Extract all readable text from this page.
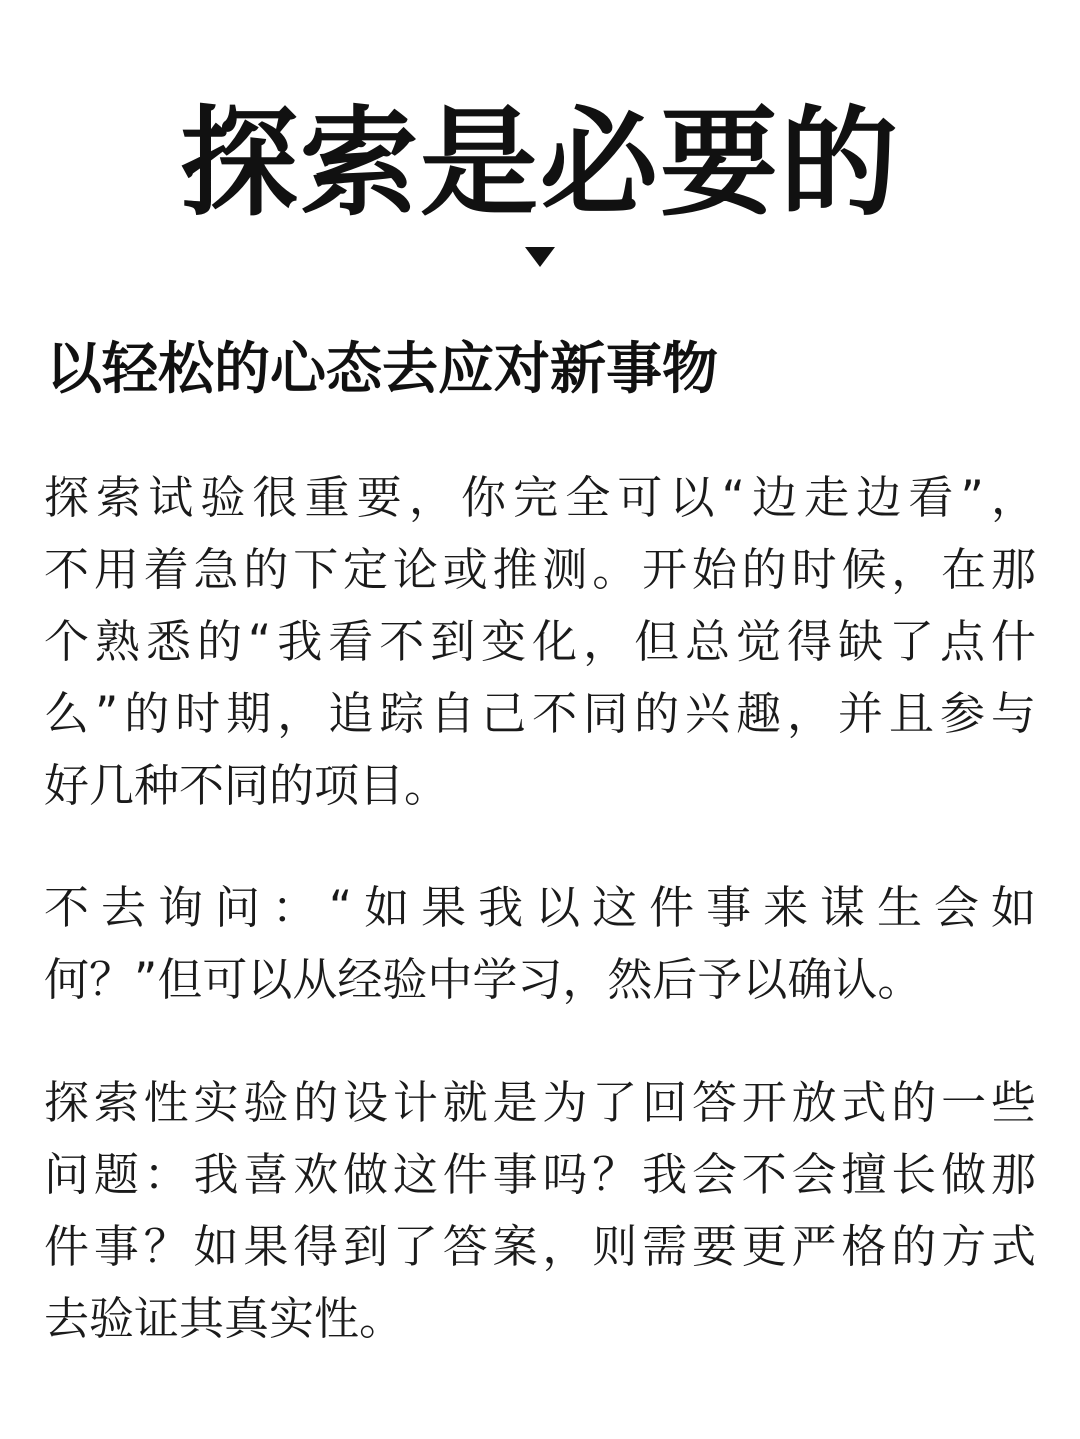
探索是必要的
以轻松的心态去应对新事物
探索试验很重要，你完全可以“边走边看”，
不用着急的下定论或推测。开始的时候，在那
个熟悉的“我看不到变化，但总觉得缺了点什
么”的时期，追踪自己不同的兴趣，并且参与
好几种不同的项目。
不去询问：“如果我以这件事来谋生会如
何？”但可以从经验中学习，然后予以确认。
探索性实验的设计就是为了回答开放式的一些
问题：我喜欢做这件事吗？我会不会擅长做那
件事？如果得到了答案，则需要更严格的方式
去验证其真实性。
